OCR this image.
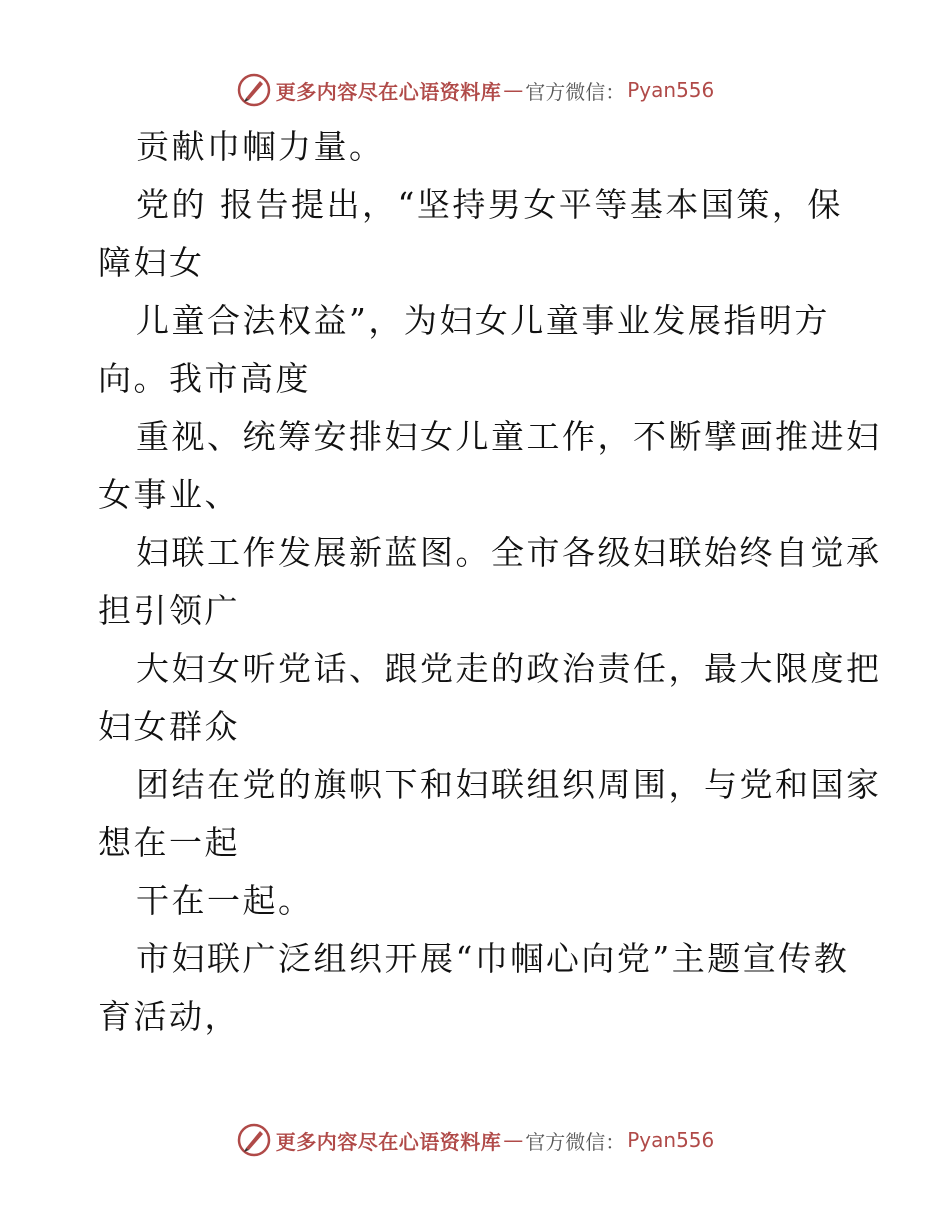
更多内容尽在心语资料库 — 官方微信： Pyan556
贡献巾帼力量。
党的 报告提出，“坚持男女平等基本国策，保
障妇女
儿童合法权益”，为妇女儿童事业发展指明方
向。我市高度
重视、统筹安排妇女儿童工作，不断擘画推进妇
女事业、
妇联工作发展新蓝图。全市各级妇联始终自觉承
担引领广
大妇女听党话、跟党走的政治责任，最大限度把
妇女群众
团结在党的旗帜下和妇联组织周围，与党和国家
想在一起
干在一起。
市妇联广泛组织开展“巾帼心向党”主题宣传教
育活动，
更多内容尽在心语资料库 — 官方微信： Pyan556
